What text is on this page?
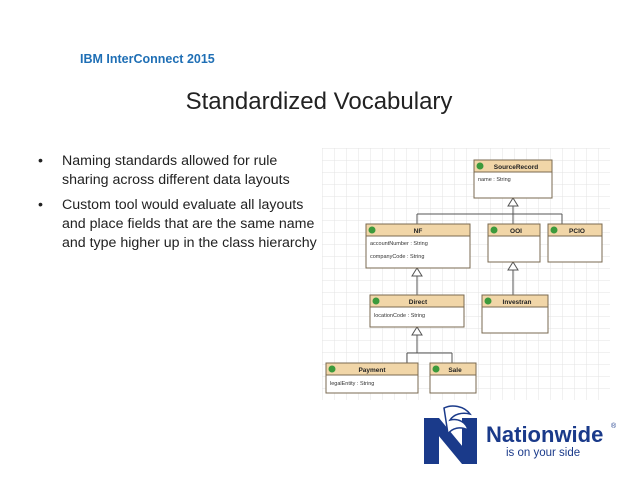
IBM InterConnect 2015
Standardized Vocabulary
• Naming standards allowed for rule sharing across different data layouts
• Custom tool would evaluate all layouts and place fields that are the same name and type higher up in the class hierarchy
SourceRecord
name : String
NF
accountNumber : String
companyCode : String
OOI	PCIO
Direct
locationCode : String
Investran
Payment
legalEntity : String
Sale
Nationwide ®
is on your side
